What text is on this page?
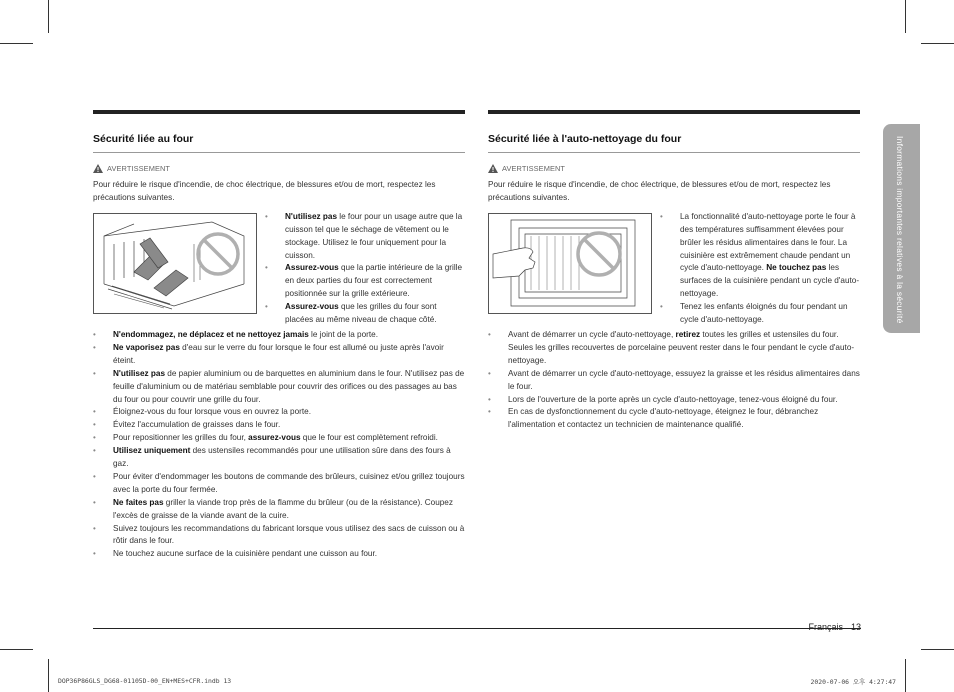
Sécurité liée au four
AVERTISSEMENT

Pour réduire le risque d'incendie, de choc électrique, de blessures et/ou de mort, respectez les précautions suivantes.

• N'utilisez pas le four pour un usage autre que la cuisson tel que le séchage de vêtement ou le stockage. Utilisez le four uniquement pour la cuisson.
• Assurez-vous que la partie intérieure de la grille en deux parties du four est correctement positionnée sur la grille extérieure.
• Assurez-vous que les grilles du four sont placées au même niveau de chaque côté.
• N'endommagez, ne déplacez et ne nettoyez jamais le joint de la porte.
• Ne vaporisez pas d'eau sur le verre du four lorsque le four est allumé ou juste après l'avoir éteint.
• N'utilisez pas de papier aluminium ou de barquettes en aluminium dans le four. N'utilisez pas de feuille d'aluminium ou de matériau semblable pour couvrir des orifices ou des passages au bas du four ou pour couvrir une grille du four.
• Éloignez-vous du four lorsque vous en ouvrez la porte.
• Évitez l'accumulation de graisses dans le four.
• Pour repositionner les grilles du four, assurez-vous que le four est complètement refroidi.
• Utilisez uniquement des ustensiles recommandés pour une utilisation sûre dans des fours à gaz.
• Pour éviter d'endommager les boutons de commande des brûleurs, cuisinez et/ou grillez toujours avec la porte du four fermée.
• Ne faites pas griller la viande trop près de la flamme du brûleur (ou de la résistance). Coupez l'excès de graisse de la viande avant de la cuire.
• Suivez toujours les recommandations du fabricant lorsque vous utilisez des sacs de cuisson ou à rôtir dans le four.
• Ne touchez aucune surface de la cuisinière pendant une cuisson au four.
Sécurité liée à l'auto-nettoyage du four
AVERTISSEMENT

Pour réduire le risque d'incendie, de choc électrique, de blessures et/ou de mort, respectez les précautions suivantes.

• La fonctionnalité d'auto-nettoyage porte le four à des températures suffisamment élevées pour brûler les résidus alimentaires dans le four. La cuisinière est extrêmement chaude pendant un cycle d'auto-nettoyage. Ne touchez pas les surfaces de la cuisinière pendant un cycle d'auto-nettoyage.
• Tenez les enfants éloignés du four pendant un cycle d'auto-nettoyage.
• Avant de démarrer un cycle d'auto-nettoyage, retirez toutes les grilles et ustensiles du four. Seules les grilles recouvertes de porcelaine peuvent rester dans le four pendant le cycle d'auto-nettoyage.
• Avant de démarrer un cycle d'auto-nettoyage, essuyez la graisse et les résidus alimentaires dans le four.
• Lors de l'ouverture de la porte après un cycle d'auto-nettoyage, tenez-vous éloigné du four.
• En cas de dysfonctionnement du cycle d'auto-nettoyage, éteignez le four, débranchez l'alimentation et contactez un technicien de maintenance qualifié.
Informations importantes relatives à la sécurité
Français 13
DOP36P86GLS_DG68-01105D-00_EN+MES+CFR.indb 13	2020-07-06 오후 4:27:47
